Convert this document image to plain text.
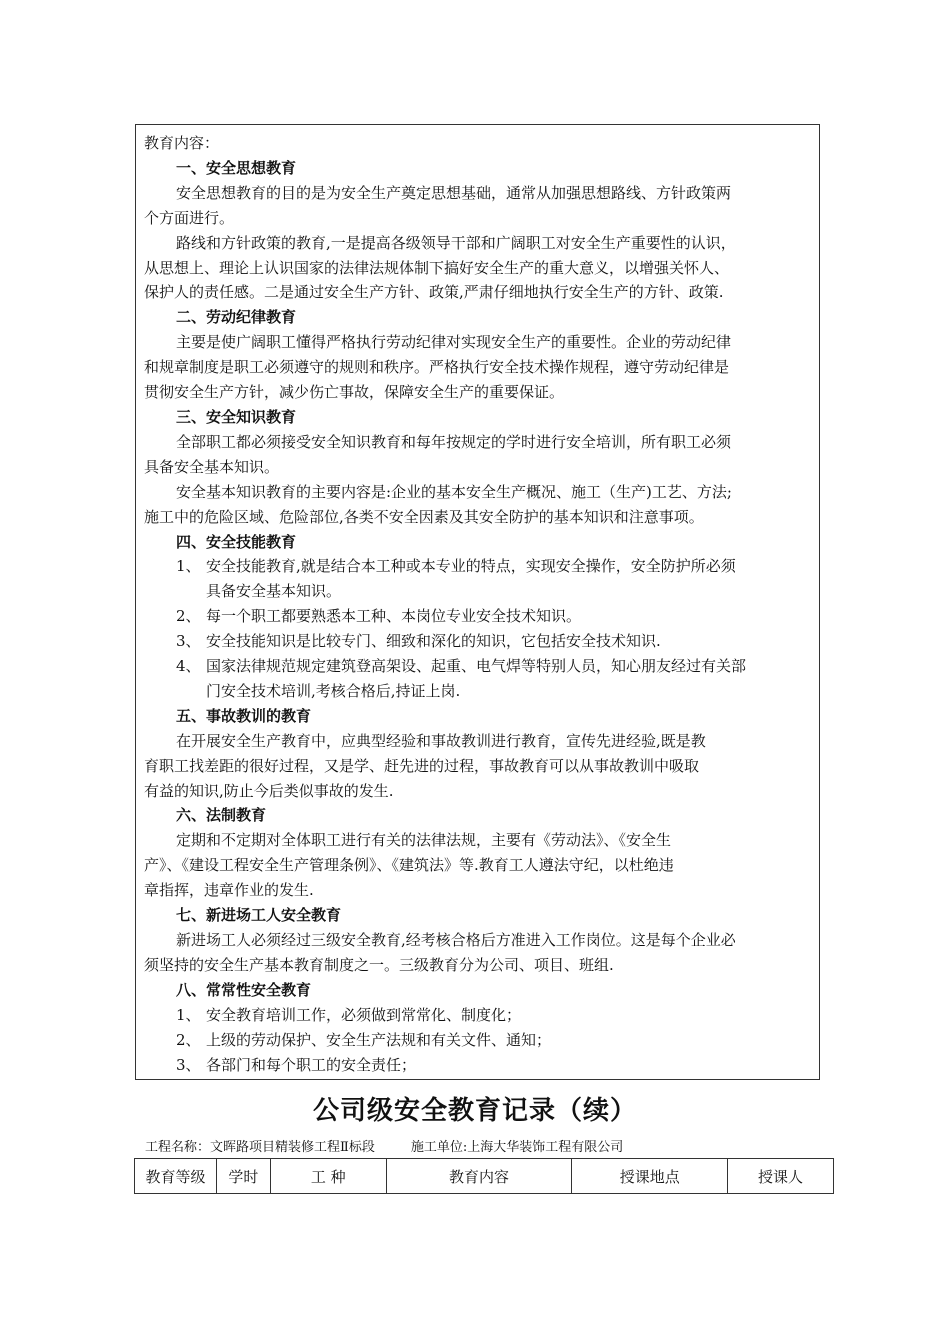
教育内容：
一、安全思想教育
安全思想教育的目的是为安全生产奠定思想基础，通常从加强思想路线、方针政策两
个方面进行。
路线和方针政策的教育,一是提高各级领导干部和广阔职工对安全生产重要性的认识，
从思想上、理论上认识国家的法律法规体制下搞好安全生产的重大意义，以增强关怀人、
保护人的责任感。二是通过安全生产方针、政策,严肃仔细地执行安全生产的方针、政策.
二、劳动纪律教育
主要是使广阔职工懂得严格执行劳动纪律对实现安全生产的重要性。企业的劳动纪律
和规章制度是职工必须遵守的规则和秩序。严格执行安全技术操作规程，遵守劳动纪律是
贯彻安全生产方针，减少伤亡事故，保障安全生产的重要保证。
三、安全知识教育
全部职工都必须接受安全知识教育和每年按规定的学时进行安全培训，所有职工必须
具备安全基本知识。
安全基本知识教育的主要内容是:企业的基本安全生产概况、施工（生产)工艺、方法;
施工中的危险区域、危险部位,各类不安全因素及其安全防护的基本知识和注意事项。
四、安全技能教育
1、 安全技能教育,就是结合本工种或本专业的特点，实现安全操作，安全防护所必须
具备安全基本知识。
2、 每一个职工都要熟悉本工种、本岗位专业安全技术知识。
3、 安全技能知识是比较专门、细致和深化的知识，它包括安全技术知识.
4、 国家法律规范规定建筑登高架设、起重、电气焊等特别人员，知心朋友经过有关部
门安全技术培训,考核合格后,持证上岗.
五、事故教训的教育
在开展安全生产教育中，应典型经验和事故教训进行教育，宣传先进经验,既是教
育职工找差距的很好过程，又是学、赶先进的过程，事故教育可以从事故教训中吸取
有益的知识,防止今后类似事故的发生.
六、法制教育
定期和不定期对全体职工进行有关的法律法规，主要有《劳动法》、《安全生
产》、《建设工程安全生产管理条例》、《建筑法》等.教育工人遵法守纪，以杜绝违
章指挥，违章作业的发生.
七、新进场工人安全教育
新进场工人必须经过三级安全教育,经考核合格后方准进入工作岗位。这是每个企业必
须坚持的安全生产基本教育制度之一。三级教育分为公司、项目、班组.
八、常常性安全教育
1、 安全教育培训工作，必须做到常常化、制度化；
2、 上级的劳动保护、安全生产法规和有关文件、通知；
3、 各部门和每个职工的安全责任；
公司级安全教育记录（续）
工程名称：文晖路项目精装修工程Ⅱ标段	施工单位:上海大华装饰工程有限公司
教育等级	学时	工 种	教育内容	授课地点	授课人
